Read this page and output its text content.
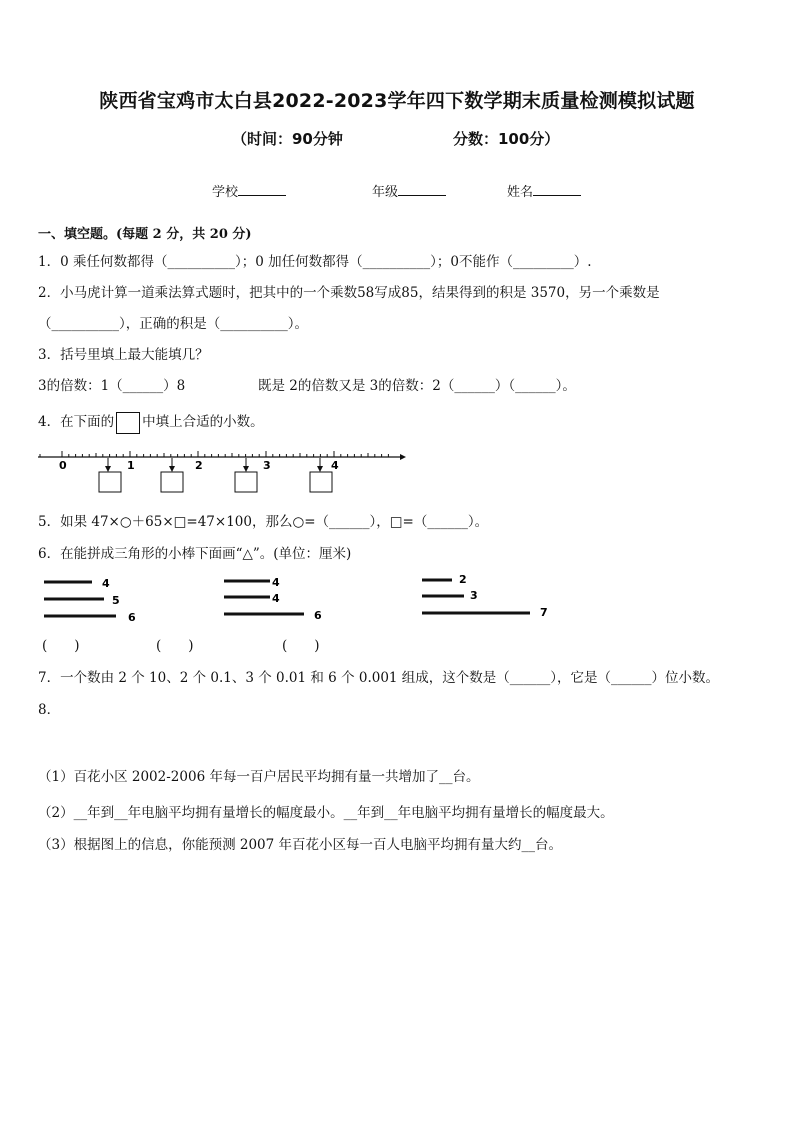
陕西省宝鸡市太白县2022-2023学年四下数学期末质量检测模拟试题
（时间：90分钟	分数：100分）
学校	年级	姓名
一、填空题。(每题 2 分，共 20 分)
1．0 乘任何数都得（__________）；0 加任何数都得（__________）；0不能作（_________）.
2．小马虎计算一道乘法算式题时，把其中的一个乘数58写成85，结果得到的积是 3570，另一个乘数是
（__________），正确的积是（__________）。
3．括号里填上最大能填几？
3的倍数：1（______）8	既是 2的倍数又是 3的倍数：2（______）（______）。
4．在下面的 中填上合适的小数。
0	1	2	3	4
4
5
6
4
4
6
2
3
7
5．如果 47×○＋65×□=47×100，那么○=（______），□=（______）。
6．在能拼成三角形的小棒下面画“△”。(单位：厘米)
(　　)	(　　)	(　　)
7．一个数由 2 个 10、2 个 0.1、3 个 0.01 和 6 个 0.001 组成，这个数是（______），它是（______）位小数。
8．
（1）百花小区 2002-2006 年每一百户居民平均拥有量一共增加了__台。
（2）__年到__年电脑平均拥有量增长的幅度最小。__年到__年电脑平均拥有量增长的幅度最大。
（3）根据图上的信息，你能预测 2007 年百花小区每一百人电脑平均拥有量大约__台。
